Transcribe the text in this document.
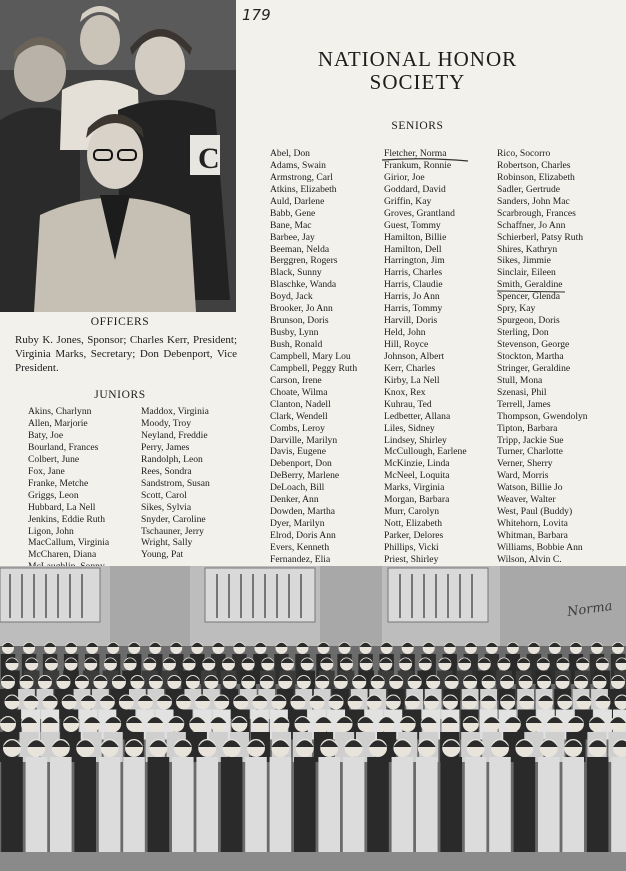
179
C
NATIONAL HONOR
SOCIETY
OFFICERS
Ruby K. Jones, Sponsor; Charles Kerr, President; Virginia Marks, Secretary; Don Debenport, Vice President.
JUNIORS
Akins, Charlynn
Allen, Marjorie
Baty, Joe
Bourland, Frances
Colbert, June
Fox, Jane
Franke, Metche
Griggs, Leon
Hubbard, La Nell
Jenkins, Eddie Ruth
Ligon, John
MacCallum, Virginia
McCharen, Diana
Maddox, Virginia
Moody, Troy
Neyland, Freddie
Perry, James
Randolph, Leon
Rees, Sondra
Sandstrom, Susan
Scott, Carol
Sikes, Sylvia
Snyder, Caroline
Tschauner, Jerry
Wright, Sally
Young, Pat
SENIORS
Abel, Don
Adams, Swain
Armstrong, Carl
Atkins, Elizabeth
Auld, Darlene
Babb, Gene
Bane, Mac
Barbee, Jay
Beeman, Nelda
Berggren, Rogers
Black, Sunny
Blaschke, Wanda
Boyd, Jack
Brooker, Jo Ann
Brunson, Doris
Busby, Lynn
Bush, Ronald
Campbell, Mary Lou
Campbell, Peggy Ruth
Carson, Irene
Choate, Wilma
Clanton, Nadell
Clark, Wendell
Combs, Leroy
Darville, Marilyn
Davis, Eugene
Debenport, Don
DeBerry, Marlene
DeLoach, Bill
Denker, Ann
Dowden, Martha
Dyer, Marilyn
Elrod, Doris Ann
Evers, Kenneth
Fernandez, Elia
Fletcher, Norma
Frankum, Ronnie
Girior, Joe
Goddard, David
Griffin, Kay
Groves, Grantland
Guest, Tommy
Hamilton, Billie
Hamilton, Dell
Harrington, Jim
Harris, Charles
Harris, Claudie
Harris, Jo Ann
Harris, Tommy
Harvill, Doris
Held, John
Hill, Royce
Johnson, Albert
Kerr, Charles
Kirby, La Nell
Knox, Rex
Kuhrau, Ted
Ledbetter, Allana
Liles, Sidney
Lindsey, Shirley
McCullough, Earlene
McKinzie, Linda
McNeel, Loquita
Marks, Virginia
Morgan, Barbara
Murr, Carolyn
Nott, Elizabeth
Parker, Delores
Phillips, Vicki
Priest, Shirley
Rico, Socorro
Robertson, Charles
Robinson, Elizabeth
Sadler, Gertrude
Sanders, John Mac
Scarbrough, Frances
Schaffner, Jo Ann
Schierberl, Patsy Ruth
Shires, Kathryn
Sikes, Jimmie
Sinclair, Eileen
Smith, Geraldine
Spencer, Glenda
Spry, Kay
Spurgeon, Doris
Sterling, Don
Stevenson, George
Stockton, Martha
Stringer, Geraldine
Stull, Mona
Szenasi, Phil
Terrell, James
Thompson, Gwendolyn
Tipton, Barbara
Tripp, Jackie Sue
Turner, Charlotte
Verner, Sherry
Ward, Morris
Watson, Billie Jo
Weaver, Walter
West, Paul (Buddy)
Whitehorn, Lovita
Whitman, Barbara
Williams, Bobbie Ann
Wilson, Alvin C.
Norma
